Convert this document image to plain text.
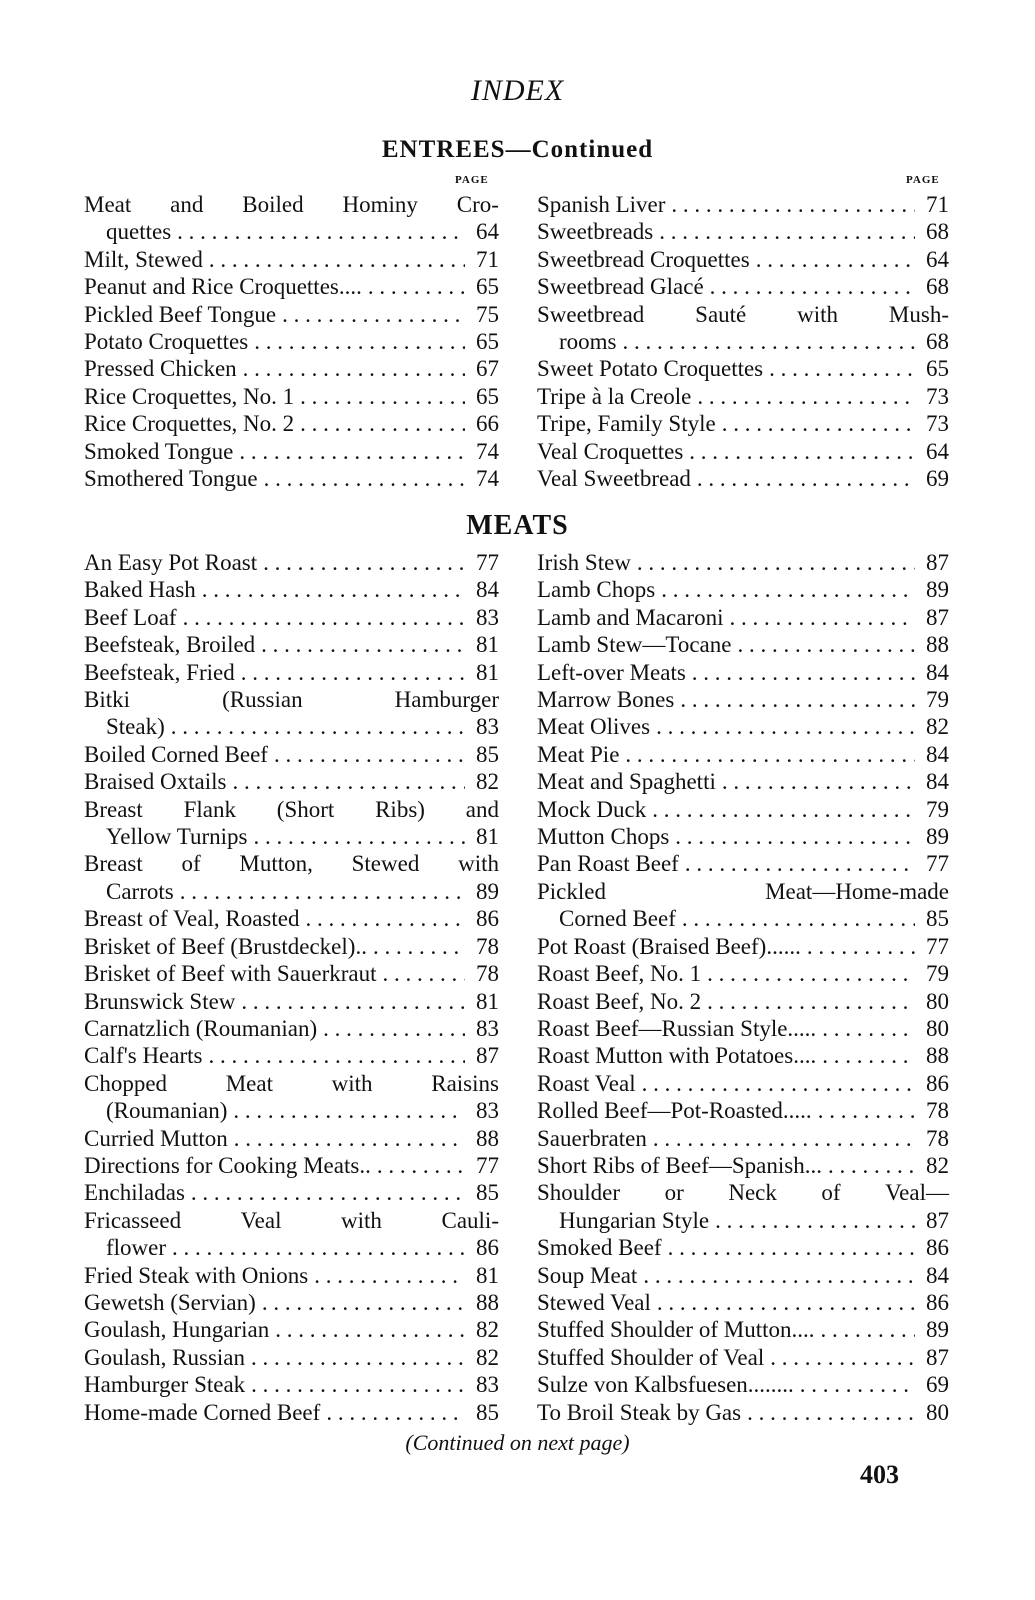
INDEX
ENTREES—Continued
PAGE	PAGE
Meat and Boiled Hominy Cro-
quettes . . .	64
Milt, Stewed . . .	71
Peanut and Rice Croquettes.... . . .	65
Pickled Beef Tongue . . .	75
Potato Croquettes . . .	65
Pressed Chicken . . .	67
Rice Croquettes, No. 1 . . .	65
Rice Croquettes, No. 2 . . .	66
Smoked Tongue . . .	74
Smothered Tongue . . .	74
Spanish Liver . . .	71
Sweetbreads . . .	68
Sweetbread Croquettes . . .	64
Sweetbread Glacé . . .	68
Sweetbread Sauté with Mush-
rooms . . .	68
Sweet Potato Croquettes . . .	65
Tripe à la Creole . . .	73
Tripe, Family Style . . .	73
Veal Croquettes . . .	64
Veal Sweetbread . . .	69
MEATS
An Easy Pot Roast . . .	77
Baked Hash . . .	84
Beef Loaf . . .	83
Beefsteak, Broiled . . .	81
Beefsteak, Fried . . .	81
Bitki	(Russian	Hamburger
Steak) . . .	83
Boiled Corned Beef . . .	85
Braised Oxtails . . .	82
Breast Flank (Short Ribs) and
Yellow Turnips . . .	81
Breast of Mutton, Stewed with
Carrots . . .	89
Breast of Veal, Roasted . . .	86
Brisket of Beef (Brustdeckel).. . . .	78
Brisket of Beef with Sauerkraut . . .	78
Brunswick Stew . . .	81
Carnatzlich (Roumanian) . . .	83
Calf's Hearts . . .	87
Chopped	Meat	with	Raisins
(Roumanian) . . .	83
Curried Mutton . . .	88
Directions for Cooking Meats.. . . .	77
Enchiladas . . .	85
Fricasseed	Veal	with	Cauli-
flower . . .	86
Fried Steak with Onions . . .	81
Gewetsh (Servian) . . .	88
Goulash, Hungarian . . .	82
Goulash, Russian . . .	82
Hamburger Steak . . .	83
Home-made Corned Beef . . .	85
Irish Stew . . .	87
Lamb Chops . . .	89
Lamb and Macaroni . . .	87
Lamb Stew—Tocane . . .	88
Left-over Meats . . .	84
Marrow Bones . . .	79
Meat Olives . . .	82
Meat Pie . . .	84
Meat and Spaghetti . . .	84
Mock Duck . . .	79
Mutton Chops . . .	89
Pan Roast Beef . . .	77
Pickled	Meat—Home-made
Corned Beef . . .	85
Pot Roast (Braised Beef)...... . . .	77
Roast Beef, No. 1 . . .	79
Roast Beef, No. 2 . . .	80
Roast Beef—Russian Style..... . . .	80
Roast Mutton with Potatoes.... . . .	88
Roast Veal . . .	86
Rolled Beef—Pot-Roasted..... . . .	78
Sauerbraten . . .	78
Short Ribs of Beef—Spanish... . . .	82
Shoulder or Neck of Veal—
Hungarian Style . . .	87
Smoked Beef . . .	86
Soup Meat . . .	84
Stewed Veal . . .	86
Stuffed Shoulder of Mutton.... . . .	89
Stuffed Shoulder of Veal . . .	87
Sulze von Kalbsfuesen........ . . .	69
To Broil Steak by Gas . . .	80
(Continued on next page)
403
